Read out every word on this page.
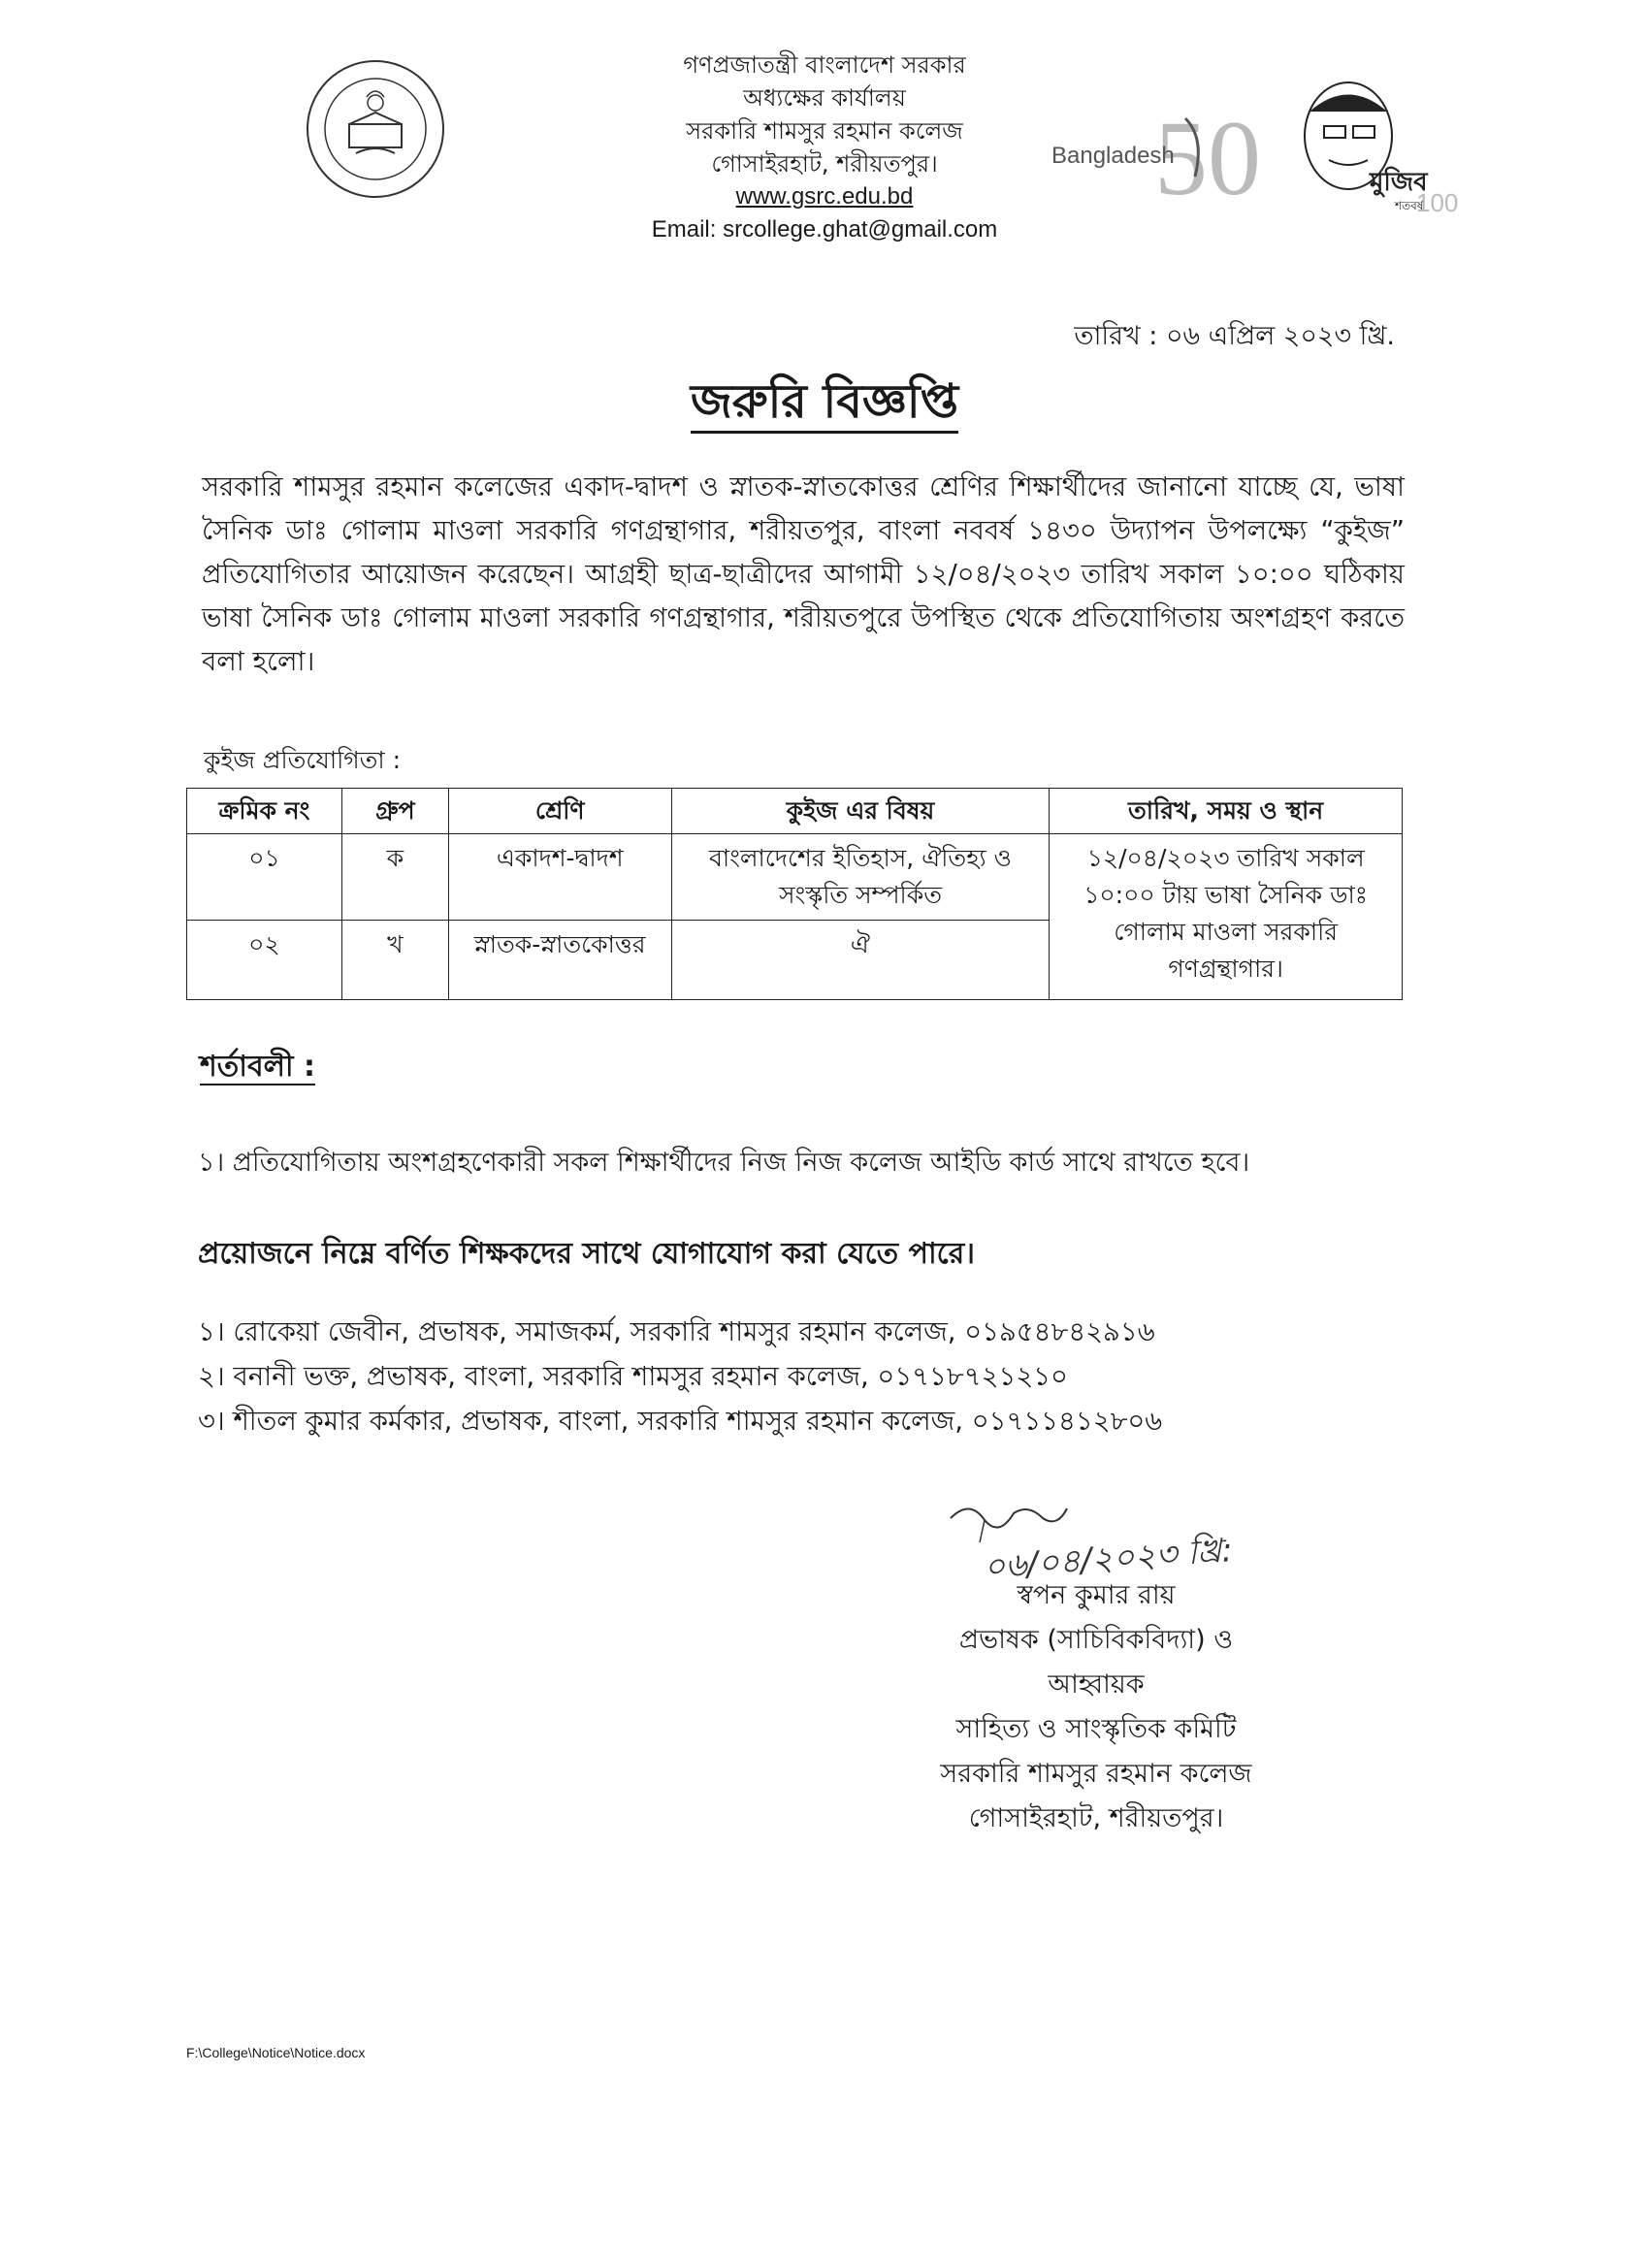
গণপ্রজাতন্ত্রী বাংলাদেশ সরকার
অধ্যক্ষের কার্যালয়
সরকারি শামসুর রহমান কলেজ
গোসাইরহাট, শরীয়তপুর।
www.gsrc.edu.bd
Email: srcollege.ghat@gmail.com
50
Bangladesh
মুজিব
শতবর্ষ
100
তারিখ : ০৬ এপ্রিল ২০২৩ খ্রি.
জরুরি বিজ্ঞপ্তি
সরকারি শামসুর রহমান কলেজের একাদ-দ্বাদশ ও স্নাতক-স্নাতকোত্তর শ্রেণির শিক্ষার্থীদের জানানো যাচ্ছে যে, ভাষা সৈনিক ডাঃ গোলাম মাওলা সরকারি গণগ্রন্থাগার, শরীয়তপুর, বাংলা নববর্ষ ১৪৩০ উদ্যাপন উপলক্ষ্যে “কুইজ” প্রতিযোগিতার আয়োজন করেছেন। আগ্রহী ছাত্র-ছাত্রীদের আগামী ১২/০৪/২০২৩ তারিখ সকাল ১০:০০ ঘঠিকায় ভাষা সৈনিক ডাঃ গোলাম মাওলা সরকারি গণগ্রন্থাগার, শরীয়তপুরে উপস্থিত থেকে প্রতিযোগিতায় অংশগ্রহণ করতে বলা হলো।
কুইজ প্রতিযোগিতা :
ক্রমিক নং	গ্রুপ	শ্রেণি	কুইজ এর বিষয়	তারিখ, সময় ও স্থান
০১	ক	একাদশ-দ্বাদশ	বাংলাদেশের ইতিহাস, ঐতিহ্য ও সংস্কৃতি সম্পর্কিত	১২/০৪/২০২৩ তারিখ সকাল ১০:০০ টায় ভাষা সৈনিক ডাঃ গোলাম মাওলা সরকারি গণগ্রন্থাগার।
০২	খ	স্নাতক-স্নাতকোত্তর	ঐ	
শর্তাবলী :
১। প্রতিযোগিতায় অংশগ্রহণেকারী সকল শিক্ষার্থীদের নিজ নিজ কলেজ আইডি কার্ড সাথে রাখতে হবে।
প্রয়োজনে নিম্নে বর্ণিত শিক্ষকদের সাথে যোগাযোগ করা যেতে পারে।
১। রোকেয়া জেবীন, প্রভাষক, সমাজকর্ম, সরকারি শামসুর রহমান কলেজ, ০১৯৫৪৮৪২৯১৬
২। বনানী ভক্ত, প্রভাষক, বাংলা, সরকারি শামসুর রহমান কলেজ, ০১৭১৮৭২১২১০
৩। শীতল কুমার কর্মকার, প্রভাষক, বাংলা, সরকারি শামসুর রহমান কলেজ, ০১৭১১৪১২৮০৬
০৬/০৪/২০২৩ খ্রি:
স্বপন কুমার রায়
প্রভাষক (সাচিবিকবিদ্যা) ও
আহ্বায়ক
সাহিত্য ও সাংস্কৃতিক কমিটি
সরকারি শামসুর রহমান কলেজ
গোসাইরহাট, শরীয়তপুর।
F:\College\Notice\Notice.docx
